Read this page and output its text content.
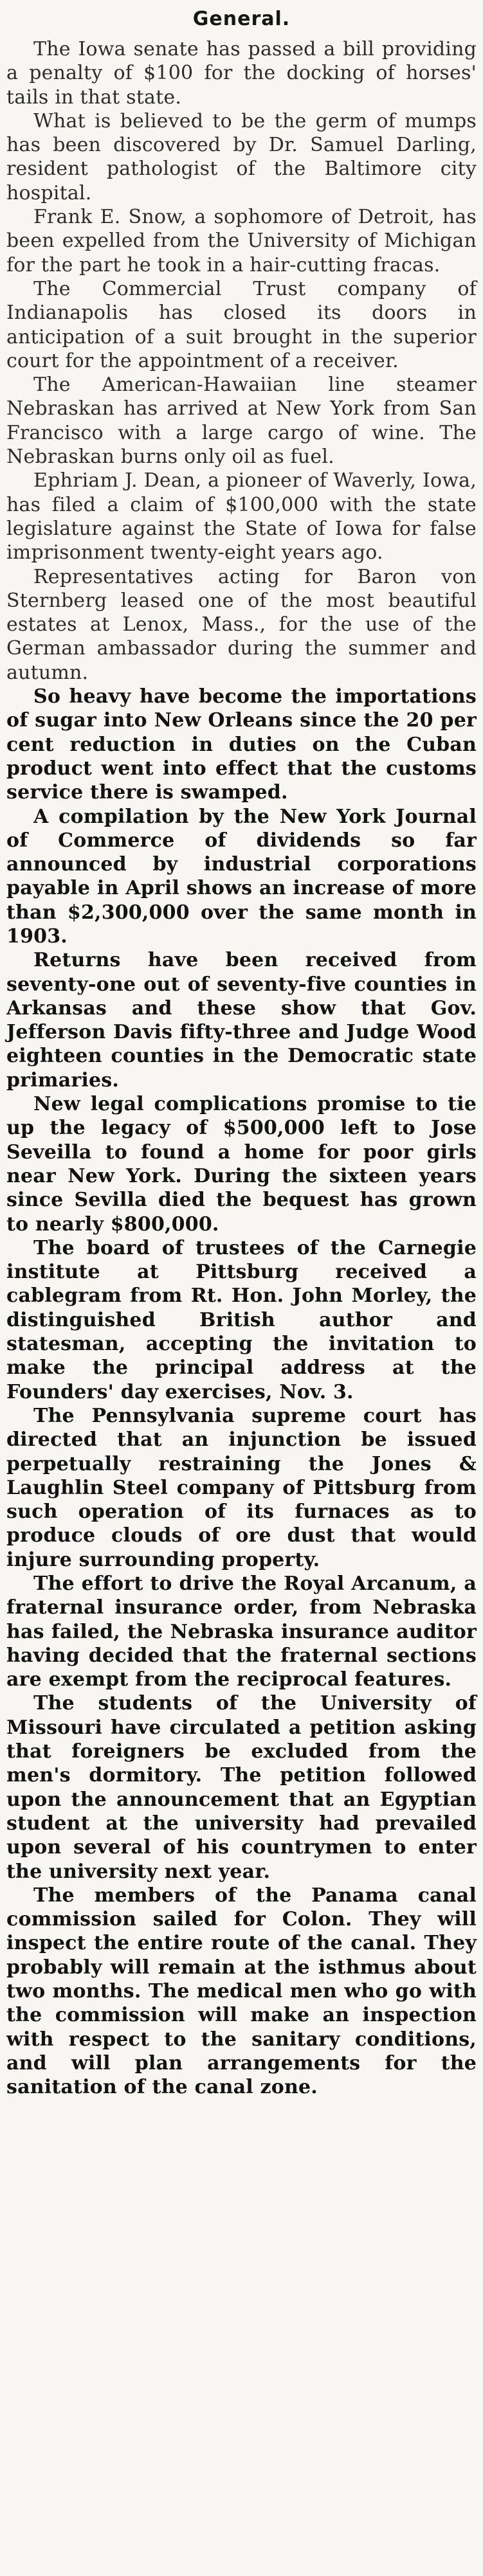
General.

The Iowa senate has passed a bill providing a penalty of $100 for the docking of horses' tails in that state.

What is believed to be the germ of mumps has been discovered by Dr. Samuel Darling, resident pathologist of the Baltimore city hospital.

Frank E. Snow, a sophomore of Detroit, has been expelled from the University of Michigan for the part he took in a hair-cutting fracas.

The Commercial Trust company of Indianapolis has closed its doors in anticipation of a suit brought in the superior court for the appointment of a receiver.

The American-Hawaiian line steamer Nebraskan has arrived at New York from San Francisco with a large cargo of wine. The Nebraskan burns only oil as fuel.

Ephriam J. Dean, a pioneer of Waverly, Iowa, has filed a claim of $100,000 with the state legislature against the State of Iowa for false imprisonment twenty-eight years ago.

Representatives acting for Baron von Sternberg leased one of the most beautiful estates at Lenox, Mass., for the use of the German ambassador during the summer and autumn.

So heavy have become the importations of sugar into New Orleans since the 20 per cent reduction in duties on the Cuban product went into effect that the customs service there is swamped.

A compilation by the New York Journal of Commerce of dividends so far announced by industrial corporations payable in April shows an increase of more than $2,300,000 over the same month in 1903.

Returns have been received from seventy-one out of seventy-five counties in Arkansas and these show that Gov. Jefferson Davis fifty-three and Judge Wood eighteen counties in the Democratic state primaries.

New legal complications promise to tie up the legacy of $500,000 left to Jose Seveilla to found a home for poor girls near New York. During the sixteen years since Sevilla died the bequest has grown to nearly $800,000.

The board of trustees of the Carnegie institute at Pittsburg received a cablegram from Rt. Hon. John Morley, the distinguished British author and statesman, accepting the invitation to make the principal address at the Founders' day exercises, Nov. 3.

The Pennsylvania supreme court has directed that an injunction be issued perpetually restraining the Jones & Laughlin Steel company of Pittsburg from such operation of its furnaces as to produce clouds of ore dust that would injure surrounding property.

The effort to drive the Royal Arcanum, a fraternal insurance order, from Nebraska has failed, the Nebraska insurance auditor having decided that the fraternal sections are exempt from the reciprocal features.

The students of the University of Missouri have circulated a petition asking that foreigners be excluded from the men's dormitory. The petition followed upon the announcement that an Egyptian student at the university had prevailed upon several of his countrymen to enter the university next year.

The members of the Panama canal commission sailed for Colon. They will inspect the entire route of the canal. They probably will remain at the isthmus about two months. The medical men who go with the commission will make an inspection with respect to the sanitary conditions, and will plan arrangements for the sanitation of the canal zone.
